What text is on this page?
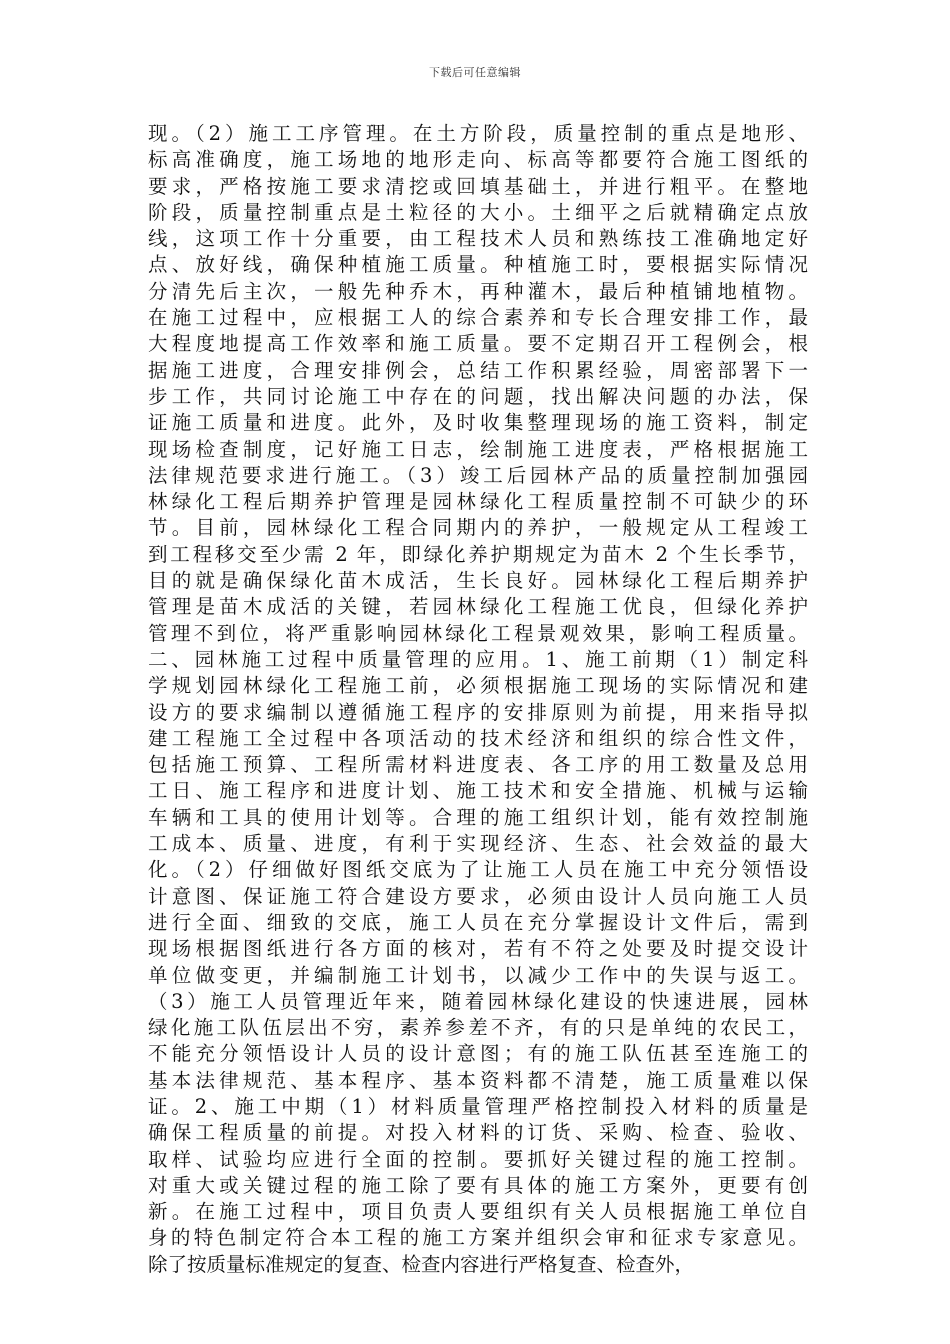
下载后可任意编辑
现。（2）施工工序管理。在土方阶段，质量控制的重点是地形、
标高准确度，施工场地的地形走向、标高等都要符合施工图纸的
要求，严格按施工要求清挖或回填基础土，并进行粗平。在整地
阶段，质量控制重点是土粒径的大小。土细平之后就精确定点放
线，这项工作十分重要，由工程技术人员和熟练技工准确地定好
点、放好线，确保种植施工质量。种植施工时，要根据实际情况
分清先后主次，一般先种乔木，再种灌木，最后种植铺地植物。
在施工过程中，应根据工人的综合素养和专长合理安排工作，最
大程度地提高工作效率和施工质量。要不定期召开工程例会，根
据施工进度，合理安排例会，总结工作积累经验，周密部署下一
步工作，共同讨论施工中存在的问题，找出解决问题的办法，保
证施工质量和进度。此外，及时收集整理现场的施工资料，制定
现场检查制度，记好施工日志，绘制施工进度表，严格根据施工
法律规范要求进行施工。（3）竣工后园林产品的质量控制加强园
林绿化工程后期养护管理是园林绿化工程质量控制不可缺少的环
节。目前，园林绿化工程合同期内的养护，一般规定从工程竣工
到工程移交至少需 2 年，即绿化养护期规定为苗木 2 个生长季节，
目的就是确保绿化苗木成活，生长良好。园林绿化工程后期养护
管理是苗木成活的关键，若园林绿化工程施工优良，但绿化养护
管理不到位，将严重影响园林绿化工程景观效果，影响工程质量。
二、园林施工过程中质量管理的应用。1、施工前期（1）制定科
学规划园林绿化工程施工前，必须根据施工现场的实际情况和建
设方的要求编制以遵循施工程序的安排原则为前提，用来指导拟
建工程施工全过程中各项活动的技术经济和组织的综合性文件，
包括施工预算、工程所需材料进度表、各工序的用工数量及总用
工日、施工程序和进度计划、施工技术和安全措施、机械与运输
车辆和工具的使用计划等。合理的施工组织计划，能有效控制施
工成本、质量、进度，有利于实现经济、生态、社会效益的最大
化。（2）仔细做好图纸交底为了让施工人员在施工中充分领悟设
计意图、保证施工符合建设方要求，必须由设计人员向施工人员
进行全面、细致的交底，施工人员在充分掌握设计文件后，需到
现场根据图纸进行各方面的核对，若有不符之处要及时提交设计
单位做变更，并编制施工计划书，以减少工作中的失误与返工。
（3）施工人员管理近年来，随着园林绿化建设的快速进展，园林
绿化施工队伍层出不穷，素养参差不齐，有的只是单纯的农民工，
不能充分领悟设计人员的设计意图；有的施工队伍甚至连施工的
基本法律规范、基本程序、基本资料都不清楚，施工质量难以保
证。2、施工中期（1）材料质量管理严格控制投入材料的质量是
确保工程质量的前提。对投入材料的订货、采购、检查、验收、
取样、试验均应进行全面的控制。要抓好关键过程的施工控制。
对重大或关键过程的施工除了要有具体的施工方案外，更要有创
新。在施工过程中，项目负责人要组织有关人员根据施工单位自
身的特色制定符合本工程的施工方案并组织会审和征求专家意见。
除了按质量标准规定的复查、检查内容进行严格复查、检查外，
